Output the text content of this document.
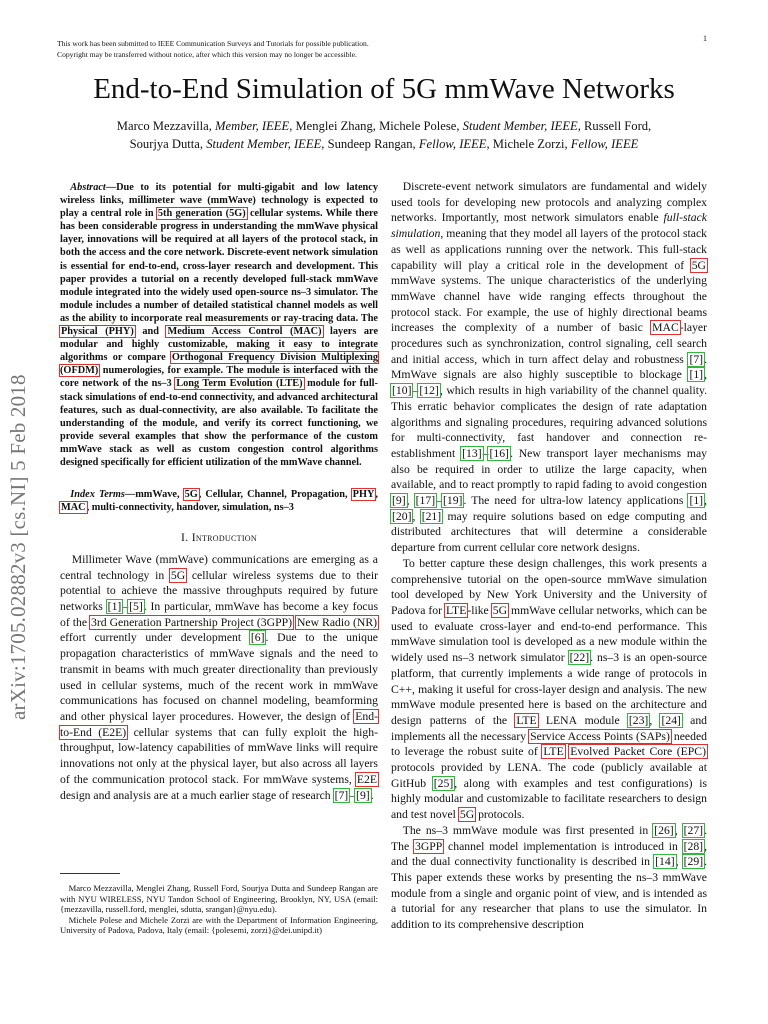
This work has been submitted to IEEE Communication Surveys and Tutorials for possible publication.
Copyright may be transferred without notice, after which this version may no longer be accessible.
1
End-to-End Simulation of 5G mmWave Networks
Marco Mezzavilla, Member, IEEE, Menglei Zhang, Michele Polese, Student Member, IEEE, Russell Ford,
Sourjya Dutta, Student Member, IEEE, Sundeep Rangan, Fellow, IEEE, Michele Zorzi, Fellow, IEEE
arXiv:1705.02882v3 [cs.NI] 5 Feb 2018

Abstract—Due to its potential for multi-gigabit and low latency wireless links, millimeter wave (mmWave) technology is expected to play a central role in 5th generation (5G) cellular systems. While there has been considerable progress in understanding the mmWave physical layer, innovations will be required at all layers of the protocol stack, in both the access and the core network. Discrete-event network simulation is essential for end-to-end, cross-layer research and development. This paper provides a tutorial on a recently developed full-stack mmWave module integrated into the widely used open-source ns–3 simulator. The module includes a number of detailed statistical channel models as well as the ability to incorporate real measurements or ray-tracing data. The Physical (PHY) and Medium Access Control (MAC) layers are modular and highly customizable, making it easy to integrate algorithms or compare Orthogonal Frequency Division Multiplexing (OFDM) numerologies, for example. The module is interfaced with the core network of the ns–3 Long Term Evolution (LTE) module for full-stack simulations of end-to-end connectivity, and advanced architectural features, such as dual-connectivity, are also available. To facilitate the understanding of the module, and verify its correct functioning, we provide several examples that show the performance of the custom mmWave stack as well as custom congestion control algorithms designed specifically for efficient utilization of the mmWave channel.

Index Terms—mmWave, 5G, Cellular, Channel, Propagation, PHY, MAC, multi-connectivity, handover, simulation, ns–3

I. Introduction

Millimeter Wave (mmWave) communications are emerging as a central technology in 5G cellular wireless systems due to their potential to achieve the massive throughputs required by future networks [1]–[5]. In particular, mmWave has become a key focus of the 3rd Generation Partnership Project (3GPP) New Radio (NR) effort currently under development [6]. Due to the unique propagation characteristics of mmWave signals and the need to transmit in beams with much greater directionality than previously used in cellular systems, much of the recent work in mmWave communications has focused on channel modeling, beamforming and other physical layer procedures. However, the design of End-to-End (E2E) cellular systems that can fully exploit the high-throughput, low-latency capabilities of mmWave links will require innovations not only at the physical layer, but also across all layers of the communication protocol stack. For mmWave systems, E2E design and analysis are at a much earlier stage of research [7]–[9].

Marco Mezzavilla, Menglei Zhang, Russell Ford, Sourjya Dutta and Sundeep Rangan are with NYU WIRELESS, NYU Tandon School of Engineering, Brooklyn, NY, USA (email: {mezzavilla, russell.ford, menglei, sdutta, srangan}@nyu.edu).

Michele Polese and Michele Zorzi are with the Department of Information Engineering, University of Padova, Padova, Italy (email: {polesemi, zorzi}@dei.unipd.it)

Discrete-event network simulators are fundamental and widely used tools for developing new protocols and analyzing complex networks. Importantly, most network simulators enable full-stack simulation, meaning that they model all layers of the protocol stack as well as applications running over the network. This full-stack capability will play a critical role in the development of 5G mmWave systems. The unique characteristics of the underlying mmWave channel have wide ranging effects throughout the protocol stack. For example, the use of highly directional beams increases the complexity of a number of basic MAC-layer procedures such as synchronization, control signaling, cell search and initial access, which in turn affect delay and robustness [7]. MmWave signals are also highly susceptible to blockage [1], [10]–[12], which results in high variability of the channel quality. This erratic behavior complicates the design of rate adaptation algorithms and signaling procedures, requiring advanced solutions for multi-connectivity, fast handover and connection re-establishment [13]–[16]. New transport layer mechanisms may also be required in order to utilize the large capacity, when available, and to react promptly to rapid fading to avoid congestion [9], [17]–[19]. The need for ultra-low latency applications [1], [20], [21] may require solutions based on edge computing and distributed architectures that will determine a considerable departure from current cellular core network designs.

To better capture these design challenges, this work presents a comprehensive tutorial on the open-source mmWave simulation tool developed by New York University and the University of Padova for LTE-like 5G mmWave cellular networks, which can be used to evaluate cross-layer and end-to-end performance. This mmWave simulation tool is developed as a new module within the widely used ns–3 network simulator [22]. ns–3 is an open-source platform, that currently implements a wide range of protocols in C++, making it useful for cross-layer design and analysis. The new mmWave module presented here is based on the architecture and design patterns of the LTE LENA module [23], [24] and implements all the necessary Service Access Points (SAPs) needed to leverage the robust suite of LTE Evolved Packet Core (EPC) protocols provided by LENA. The code (publicly available at GitHub [25], along with examples and test configurations) is highly modular and customizable to facilitate researchers to design and test novel 5G protocols.

The ns–3 mmWave module was first presented in [26], [27]. The 3GPP channel model implementation is introduced in [28], and the dual connectivity functionality is described in [14], [29]. This paper extends these works by presenting the ns–3 mmWave module from a single and organic point of view, and is intended as a tutorial for any researcher that plans to use the simulator. In addition to its comprehensive description
